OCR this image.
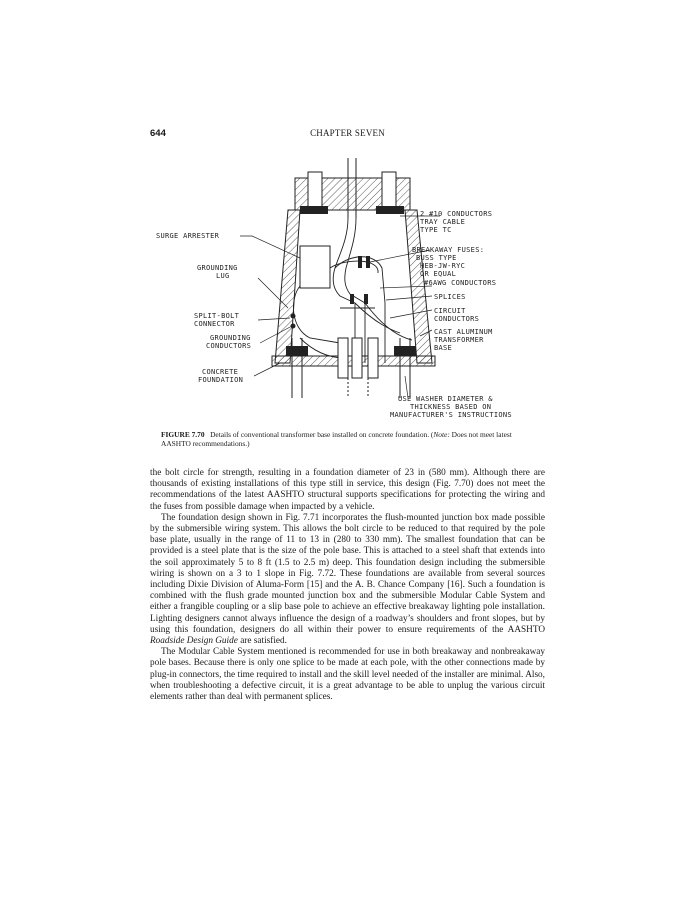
644	CHAPTER SEVEN
SURGE ARRESTER
GROUNDING
LUG
SPLIT-BOLT
CONNECTOR
GROUNDING
CONDUCTORS
CONCRETE
FOUNDATION
2 #10 CONDUCTORS
TRAY CABLE
TYPE TC
BREAKAWAY FUSES:
BUSS TYPE
HEB-JW-RYC
OR EQUAL
#6AWG CONDUCTORS
SPLICES
CIRCUIT
CONDUCTORS
CAST ALUMINUM
TRANSFORMER
BASE
USE WASHER DIAMETER &
THICKNESS BASED ON
MANUFACTURER'S INSTRUCTIONS
FIGURE 7.70 Details of conventional transformer base installed on concrete foundation. (Note: Does not meet latest AASHTO recommendations.)

the bolt circle for strength, resulting in a foundation diameter of 23 in (580 mm). Although there are thousands of existing installations of this type still in service, this design (Fig. 7.70) does not meet the recommendations of the latest AASHTO structural supports specifications for protecting the wiring and the fuses from possible damage when impacted by a vehicle.

The foundation design shown in Fig. 7.71 incorporates the flush-mounted junction box made possible by the submersible wiring system. This allows the bolt circle to be reduced to that required by the pole base plate, usually in the range of 11 to 13 in (280 to 330 mm). The smallest foundation that can be provided is a steel plate that is the size of the pole base. This is attached to a steel shaft that extends into the soil approximately 5 to 8 ft (1.5 to 2.5 m) deep. This foundation design including the submersible wiring is shown on a 3 to 1 slope in Fig. 7.72. These foundations are available from several sources including Dixie Division of Aluma-Form [15] and the A. B. Chance Company [16]. Such a foundation is combined with the flush grade mounted junction box and the submersible Modular Cable System and either a frangible coupling or a slip base pole to achieve an effective breakaway lighting pole installation. Lighting designers cannot always influence the design of a roadway’s shoulders and front slopes, but by using this foundation, designers do all within their power to ensure requirements of the AASHTO Roadside Design Guide are satisfied.

The Modular Cable System mentioned is recommended for use in both breakaway and nonbreakaway pole bases. Because there is only one splice to be made at each pole, with the other connections made by plug-in connectors, the time required to install and the skill level needed of the installer are minimal. Also, when troubleshooting a defective circuit, it is a great advantage to be able to unplug the various circuit elements rather than deal with permanent splices.
